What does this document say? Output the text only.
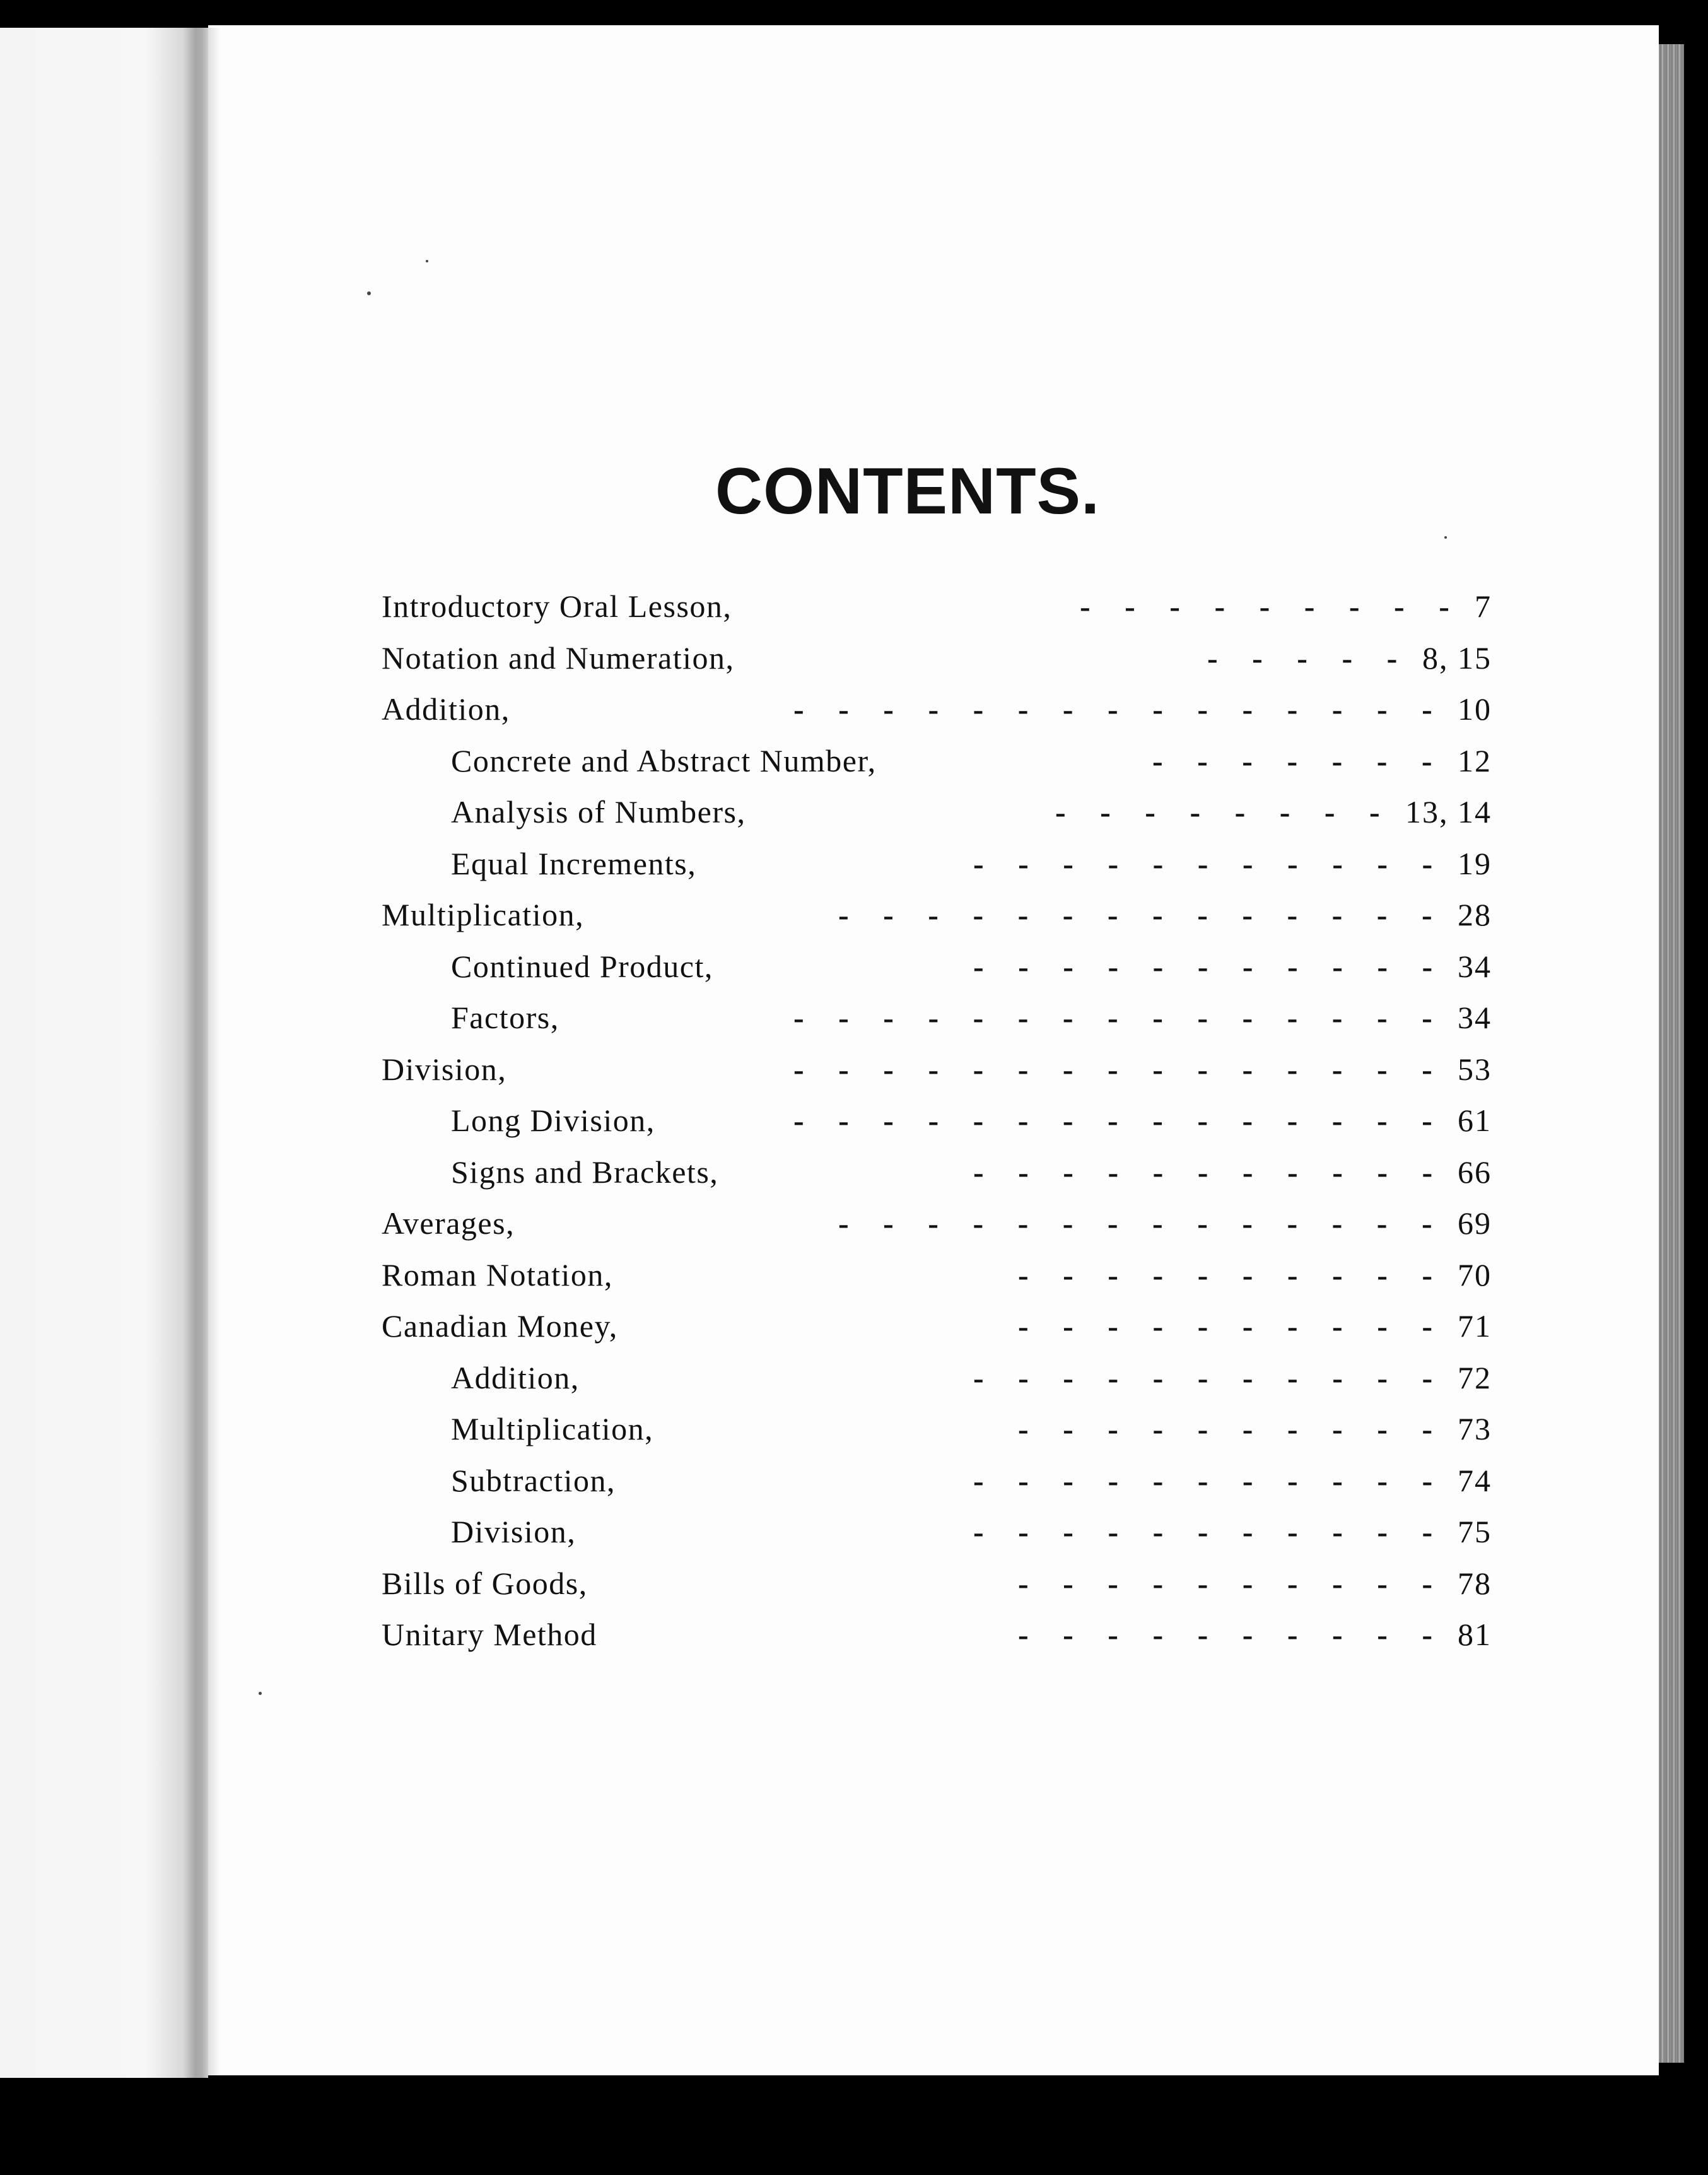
CONTENTS.
Introductory Oral Lesson,	- - - - - - - - - 7
Notation and Numeration,	- - - - - 8, 15
Addition,	- - - - - - - - - - - - - - - 10
Concrete and Abstract Number,	- - - - - - - 12
Analysis of Numbers,	- - - - - - - - 13, 14
Equal Increments,	- - - - - - - - - - - 19
Multiplication,	- - - - - - - - - - - - - - 28
Continued Product,	- - - - - - - - - - - 34
Factors,	- - - - - - - - - - - - - - - 34
Division,	- - - - - - - - - - - - - - - 53
Long Division,	- - - - - - - - - - - - - - - 61
Signs and Brackets,	- - - - - - - - - - - 66
Averages,	- - - - - - - - - - - - - - 69
Roman Notation,	- - - - - - - - - - 70
Canadian Money,	- - - - - - - - - - 71
Addition,	- - - - - - - - - - - 72
Multiplication,	- - - - - - - - - - 73
Subtraction,	- - - - - - - - - - - 74
Division,	- - - - - - - - - - - 75
Bills of Goods,	- - - - - - - - - - 78
Unitary Method	- - - - - - - - - - 81
